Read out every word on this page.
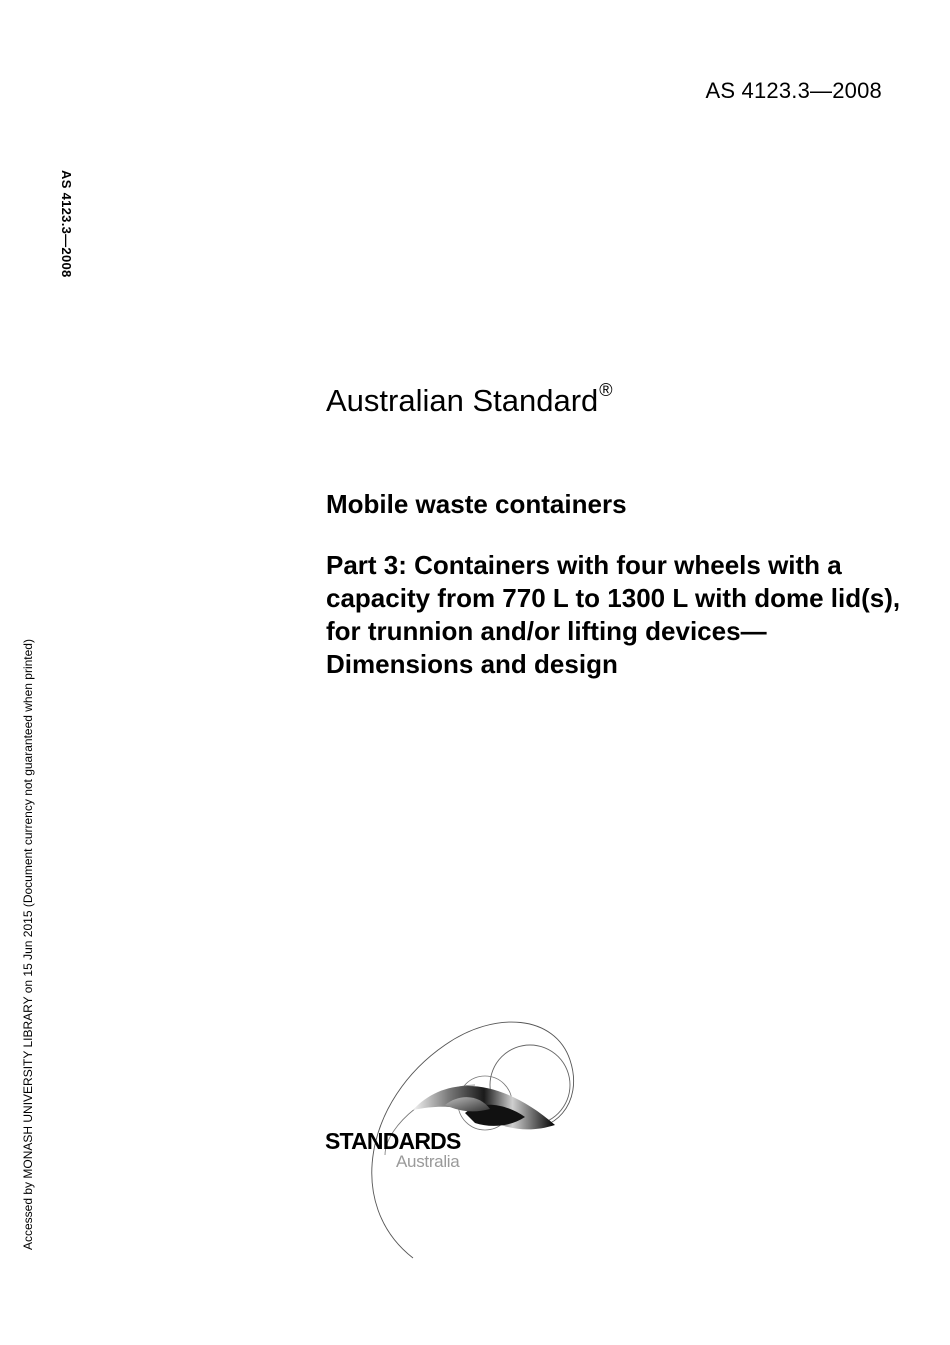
AS 4123.3—2008
AS 4123.3—2008
Accessed by MONASH UNIVERSITY LIBRARY on 15 Jun 2015 (Document currency not guaranteed when printed)
Australian Standard®
Mobile waste containers
Part 3: Containers with four wheels with a capacity from 770 L to 1300 L with dome lid(s), for trunnion and/or lifting devices—Dimensions and design
STANDARDS
Australia
